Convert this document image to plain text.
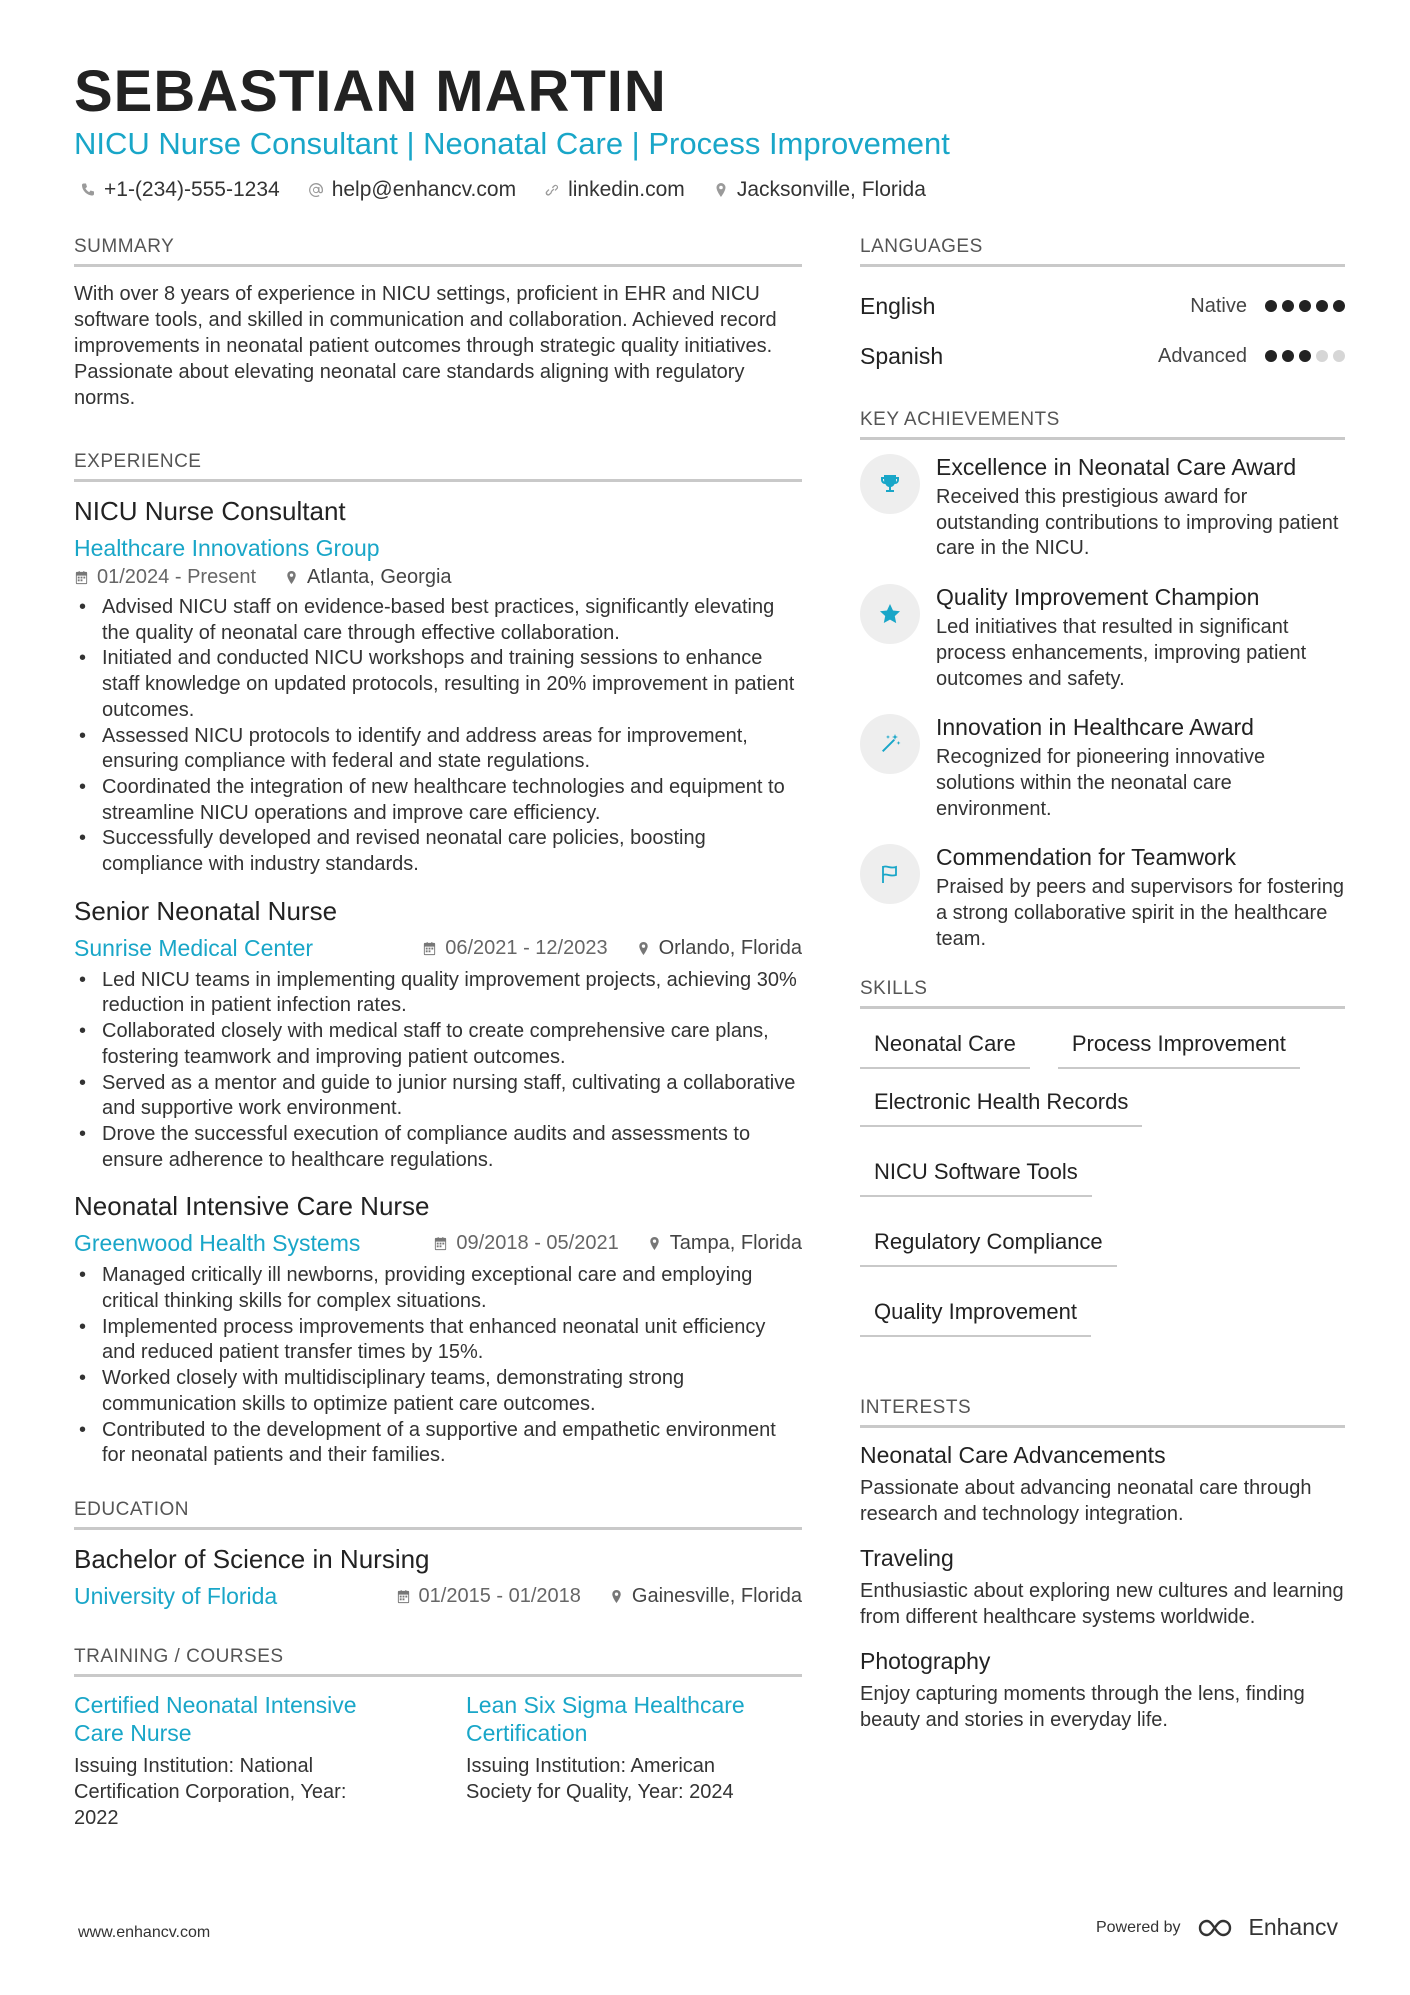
SEBASTIAN MARTIN
NICU Nurse Consultant | Neonatal Care | Process Improvement
+1-(234)-555-1234 help@enhancv.com linkedin.com Jacksonville, Florida
SUMMARY

With over 8 years of experience in NICU settings, proficient in EHR and NICU software tools, and skilled in communication and collaboration. Achieved record improvements in neonatal patient outcomes through strategic quality initiatives. Passionate about elevating neonatal care standards aligning with regulatory norms.

EXPERIENCE
NICU Nurse Consultant
Healthcare Innovations Group
01/2024 - Present	Atlanta, Georgia
• Advised NICU staff on evidence-based best practices, significantly elevating the quality of neonatal care through effective collaboration.
• Initiated and conducted NICU workshops and training sessions to enhance staff knowledge on updated protocols, resulting in 20% improvement in patient outcomes.
• Assessed NICU protocols to identify and address areas for improvement, ensuring compliance with federal and state regulations.
• Coordinated the integration of new healthcare technologies and equipment to streamline NICU operations and improve care efficiency.
• Successfully developed and revised neonatal care policies, boosting compliance with industry standards.
Senior Neonatal Nurse
Sunrise Medical Center	06/2021 - 12/2023	Orlando, Florida
• Led NICU teams in implementing quality improvement projects, achieving 30% reduction in patient infection rates.
• Collaborated closely with medical staff to create comprehensive care plans, fostering teamwork and improving patient outcomes.
• Served as a mentor and guide to junior nursing staff, cultivating a collaborative and supportive work environment.
• Drove the successful execution of compliance audits and assessments to ensure adherence to healthcare regulations.
Neonatal Intensive Care Nurse
Greenwood Health Systems	09/2018 - 05/2021	Tampa, Florida
• Managed critically ill newborns, providing exceptional care and employing critical thinking skills for complex situations.
• Implemented process improvements that enhanced neonatal unit efficiency and reduced patient transfer times by 15%.
• Worked closely with multidisciplinary teams, demonstrating strong communication skills to optimize patient care outcomes.
• Contributed to the development of a supportive and empathetic environment for neonatal patients and their families.
EDUCATION
Bachelor of Science in Nursing
University of Florida	01/2015 - 01/2018	Gainesville, Florida
TRAINING / COURSES
Certified Neonatal Intensive Care Nurse
Issuing Institution: National Certification Corporation, Year: 2022
Lean Six Sigma Healthcare Certification
Issuing Institution: American Society for Quality, Year: 2024
LANGUAGES
English	Native
Spanish	Advanced
KEY ACHIEVEMENTS
Excellence in Neonatal Care Award
Received this prestigious award for outstanding contributions to improving patient care in the NICU.
Quality Improvement Champion
Led initiatives that resulted in significant process enhancements, improving patient outcomes and safety.
Innovation in Healthcare Award
Recognized for pioneering innovative solutions within the neonatal care environment.
Commendation for Teamwork
Praised by peers and supervisors for fostering a strong collaborative spirit in the healthcare team.
SKILLS
Neonatal Care	Process Improvement
Electronic Health Records
NICU Software Tools
Regulatory Compliance
Quality Improvement
INTERESTS
Neonatal Care Advancements
Passionate about advancing neonatal care through research and technology integration.
Traveling
Enthusiastic about exploring new cultures and learning from different healthcare systems worldwide.
Photography
Enjoy capturing moments through the lens, finding beauty and stories in everyday life.
www.enhancv.com	Powered by	Enhancv
